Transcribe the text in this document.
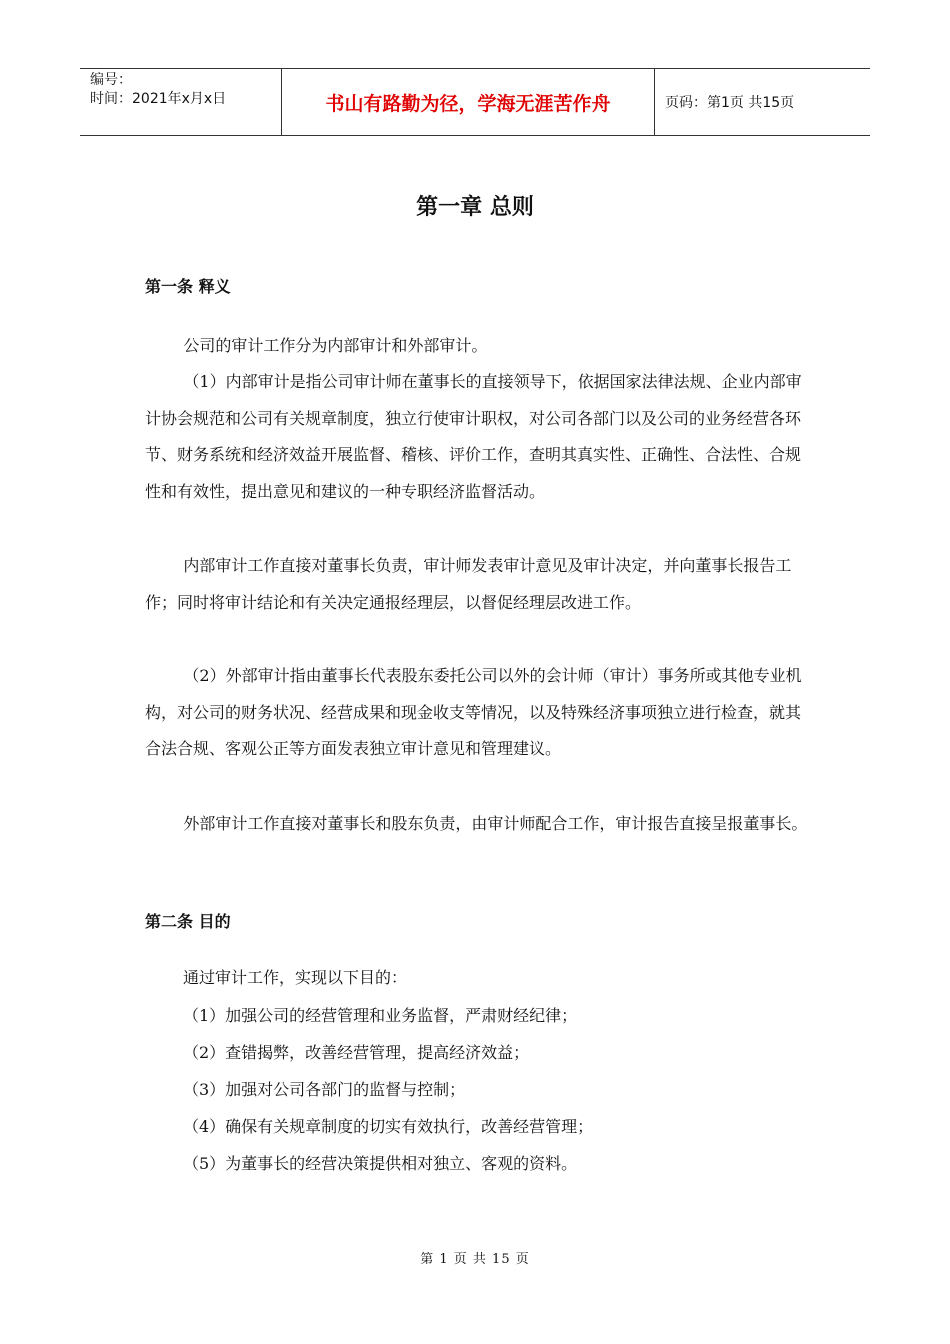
编号：
时间：2021年x月x日	书山有路勤为径，学海无涯苦作舟	页码：第1页 共15页
第一章 总则
第一条 释义
公司的审计工作分为内部审计和外部审计。
（1）内部审计是指公司审计师在董事长的直接领导下，依据国家法律法规、企业内部审计协会规范和公司有关规章制度，独立行使审计职权，对公司各部门以及公司的业务经营各环节、财务系统和经济效益开展监督、稽核、评价工作，查明其真实性、正确性、合法性、合规性和有效性，提出意见和建议的一种专职经济监督活动。
内部审计工作直接对董事长负责，审计师发表审计意见及审计决定，并向董事长报告工作；同时将审计结论和有关决定通报经理层，以督促经理层改进工作。
（2）外部审计指由董事长代表股东委托公司以外的会计师（审计）事务所或其他专业机构，对公司的财务状况、经营成果和现金收支等情况，以及特殊经济事项独立进行检查，就其合法合规、客观公正等方面发表独立审计意见和管理建议。
外部审计工作直接对董事长和股东负责，由审计师配合工作，审计报告直接呈报董事长。
第二条 目的
通过审计工作，实现以下目的：
（1）加强公司的经营管理和业务监督，严肃财经纪律；
（2）查错揭弊，改善经营管理，提高经济效益；
（3）加强对公司各部门的监督与控制；
（4）确保有关规章制度的切实有效执行，改善经营管理；
（5）为董事长的经营决策提供相对独立、客观的资料。
第 1 页 共 15 页
